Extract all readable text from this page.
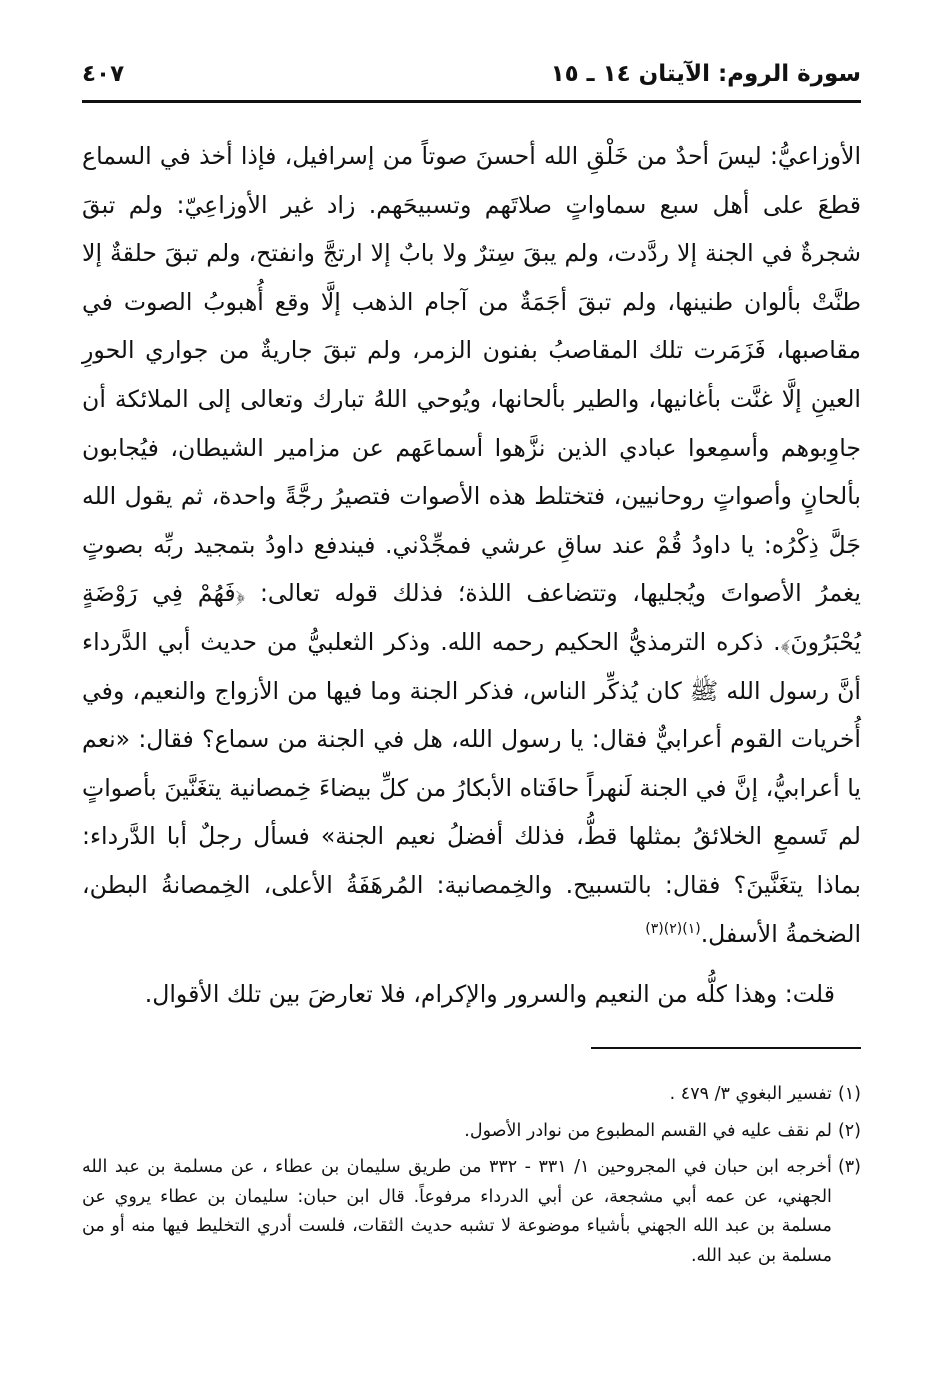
سورة الروم: الآيتان ١٤ ـ ١٥
٤٠٧

الأوزاعيُّ: ليسَ أحدٌ من خَلْقِ الله أحسنَ صوتاً من إسرافيل، فإذا أخذ في السماع قطعَ على أهل سبع سماواتٍ صلاتَهم وتسبيحَهم. زاد غير الأوزاعِيّ: ولم تبقَ شجرةٌ في الجنة إلا ردَّدت، ولم يبقَ سِترٌ ولا بابٌ إلا ارتجَّ وانفتح، ولم تبقَ حلقةٌ إلا طنَّتْ بألوان طنينها، ولم تبقَ أجَمَةٌ من آجام الذهب إلَّا وقع أُهبوبُ الصوت في مقاصبها، فَزَمَرت تلك المقاصبُ بفنون الزمر، ولم تبقَ جاريةٌ من جواري الحورِ العينِ إلَّا غنَّت بأغانيها، والطير بألحانها، ويُوحي اللهُ تبارك وتعالى إلى الملائكة أن جاوِبوهم وأسمِعوا عبادي الذين نزَّهوا أسماعَهم عن مزامير الشيطان، فيُجابون بألحانٍ وأصواتٍ روحانيين، فتختلط هذه الأصوات فتصيرُ رجَّةً واحدة، ثم يقول الله جَلَّ ذِكْرُه: يا داودُ قُمْ عند ساقِ عرشي فمجِّدْني. فيندفع داودُ بتمجيد ربِّه بصوتٍ يغمرُ الأصواتَ ويُجليها، وتتضاعف اللذة؛ فذلك قوله تعالى: ﴿فَهُمْ فِي رَوْضَةٍ يُحْبَرُونَ﴾. ذكره الترمذيُّ الحكيم رحمه الله. وذكر الثعلبيُّ من حديث أبي الدَّرداء أنَّ رسول الله ﷺ كان يُذكِّر الناس، فذكر الجنة وما فيها من الأزواج والنعيم، وفي أُخريات القوم أعرابيٌّ فقال: يا رسول الله، هل في الجنة من سماع؟ فقال: «نعم يا أعرابيُّ، إنَّ في الجنة لَنهراً حافَتاه الأبكارُ من كلِّ بيضاءَ خِمصانية يتغَنَّينَ بأصواتٍ لم تَسمعِ الخلائقُ بمثلها قطُّ، فذلك أفضلُ نعيم الجنة» فسأل رجلٌ أبا الدَّرداء: بماذا يتغَنَّينَ؟ فقال: بالتسبيح. والخِمصانية: المُرهَفَةُ الأعلى، الخِمصانةُ البطن، الضخمةُ الأسفل.$^{(١)(٢)(٣)}$

قلت: وهذا كلُّه من النعيم والسرور والإكرام، فلا تعارضَ بين تلك الأقوال.

(١)
تفسير البغوي ٣/ ٤٧٩ .
(٢)
لم نقف عليه في القسم المطبوع من نوادر الأصول.
(٣)
أخرجه ابن حبان في المجروحين ١/ ٣٣١ - ٣٣٢ من طريق سليمان بن عطاء ، عن مسلمة بن عبد الله الجهني، عن عمه أبي مشجعة، عن أبي الدرداء مرفوعاً. قال ابن حبان: سليمان بن عطاء يروي عن مسلمة بن عبد الله الجهني بأشياء موضوعة لا تشبه حديث الثقات، فلست أدري التخليط فيها منه أو من مسلمة بن عبد الله.
